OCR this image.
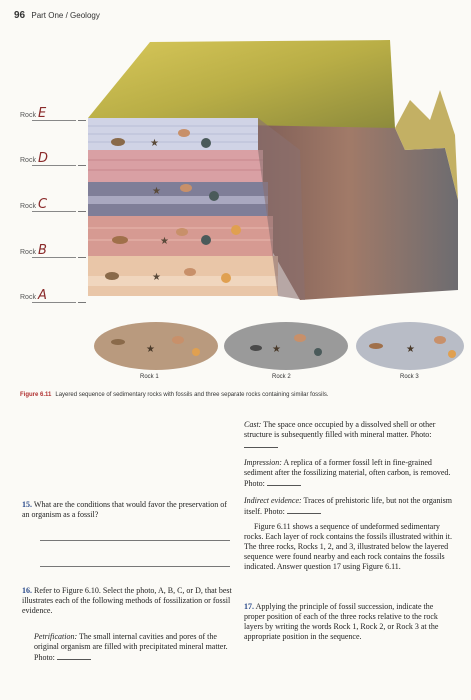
96 Part One / Geology
★
★
★
★
★	★	★
Rock E
Rock D
Rock C
Rock B
Rock A
Rock 1	Rock 2	Rock 3
Figure 6.11 Layered sequence of sedimentary rocks with fossils and three separate rocks containing similar fossils.
Cast: The space once occupied by a dissolved shell or other structure is subsequently filled with mineral matter. Photo:
Impression: A replica of a former fossil left in fine-grained sediment after the fossilizing material, often carbon, is removed. Photo:
Indirect evidence: Traces of prehistoric life, but not the organism itself. Photo:
Figure 6.11 shows a sequence of undeformed sedimentary rocks. Each layer of rock contains the fossils illustrated within it. The three rocks, Rocks 1, 2, and 3, illustrated below the layered sequence were found nearby and each rock contains the fossils indicated. Answer question 17 using Figure 6.11.
17. Applying the principle of fossil succession, indicate the proper position of each of the three rocks relative to the rock layers by writing the words Rock 1, Rock 2, or Rock 3 at the appropriate position in the sequence.
15. What are the conditions that would favor the preservation of an organism as a fossil?
16. Refer to Figure 6.10. Select the photo, A, B, C, or D, that best illustrates each of the following methods of fossilization or fossil evidence.
Petrification: The small internal cavities and pores of the original organism are filled with precipitated mineral matter. Photo:
